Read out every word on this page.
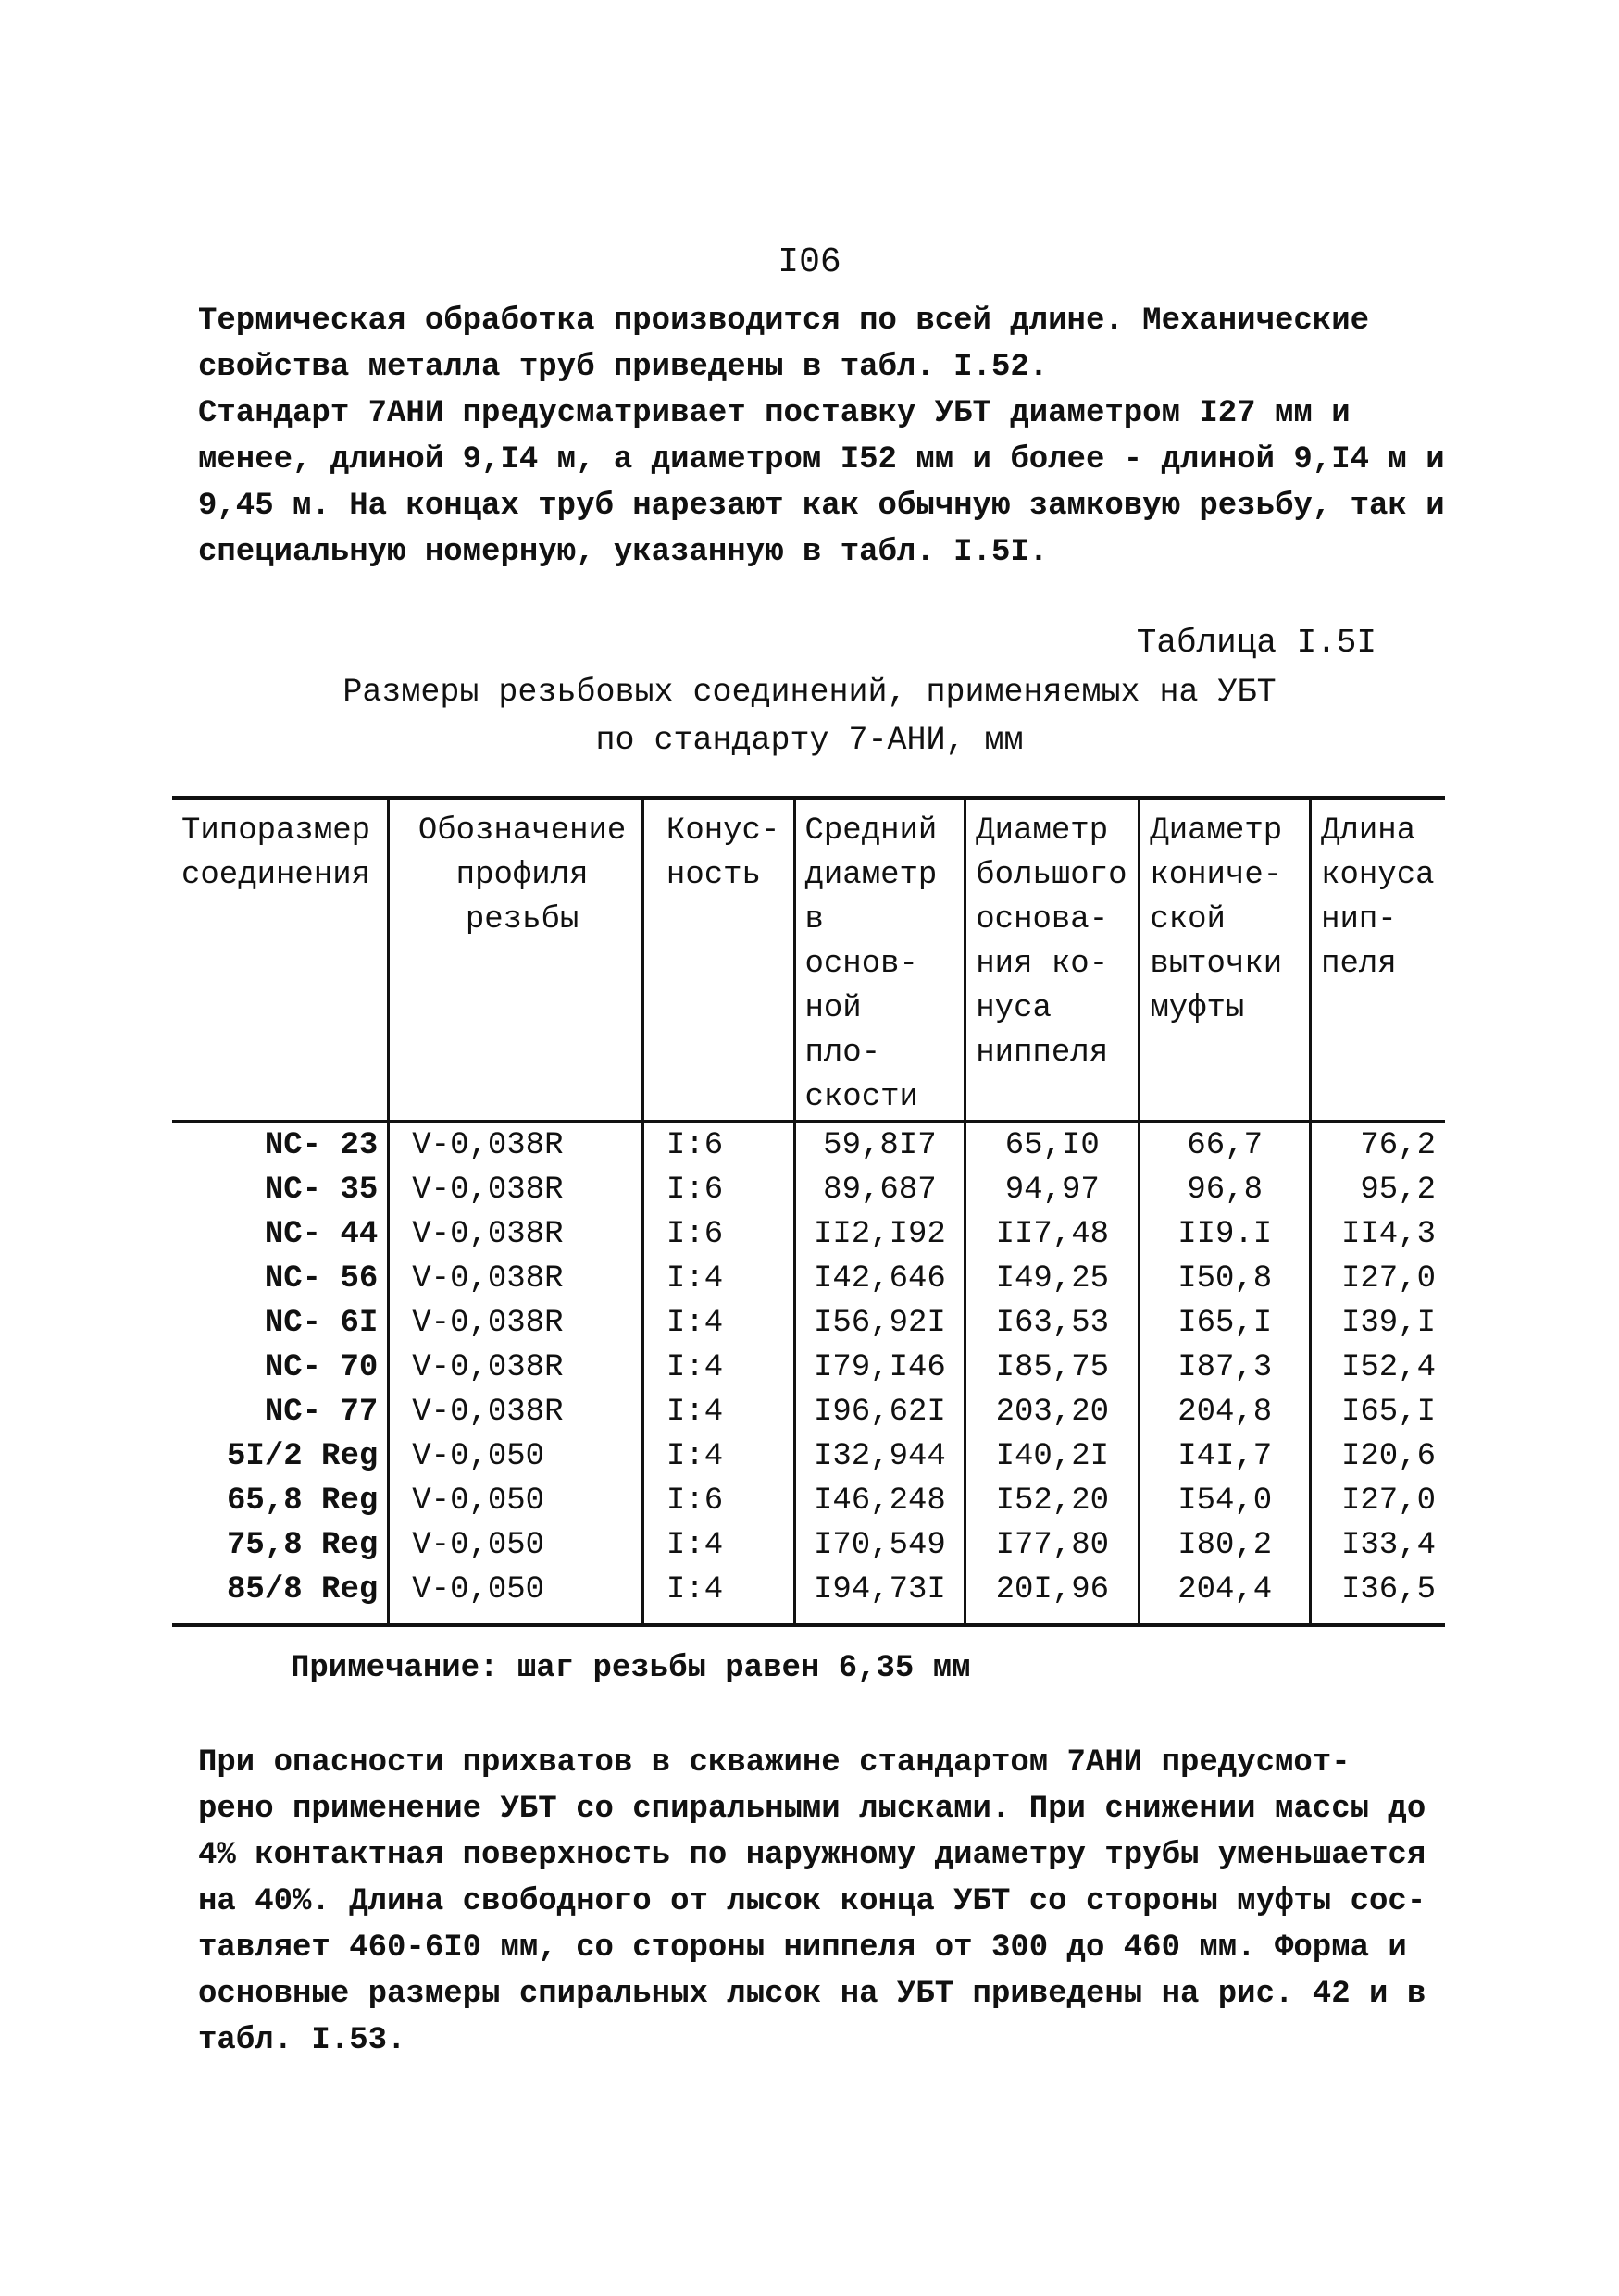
I06
Термическая обработка производится по всей длине. Механические
свойства металла труб приведены в табл. I.52.
Стандарт 7АНИ предусматривает поставку УБТ диаметром I27 мм и
менее, длиной 9,I4 м, а диаметром I52 мм и более - длиной 9,I4 м и
9,45 м. На концах труб нарезают как обычную замковую резьбу, так и
специальную номерную, указанную в табл. I.5I.
Таблица I.5I
Размеры резьбовых соединений, применяемых на УБТ
по стандарту 7-АНИ, мм
Типоразмер соединения	Обозначение профиля резьбы	Конус-ность	Средний диаметр в основ-ной пло-скости	Диаметр большого основа-ния ко-нуса ниппеля	Диаметр коничe-ской выточки муфты	Длина конуса нип-пеля
NC- 23	V-0,038R	I:6	59,8I7	65,I0	66,7	76,2
NC- 35	V-0,038R	I:6	89,687	94,97	96,8	95,2
NC- 44	V-0,038R	I:6	II2,I92	II7,48	II9.I	II4,3
NC- 56	V-0,038R	I:4	I42,646	I49,25	I50,8	I27,0
NC- 6I	V-0,038R	I:4	I56,92I	I63,53	I65,I	I39,I
NC- 70	V-0,038R	I:4	I79,I46	I85,75	I87,3	I52,4
NC- 77	V-0,038R	I:4	I96,62I	203,20	204,8	I65,I
5I/2 Reg	V-0,050	I:4	I32,944	I40,2I	I4I,7	I20,6
65,8 Reg	V-0,050	I:6	I46,248	I52,20	I54,0	I27,0
75,8 Reg	V-0,050	I:4	I70,549	I77,80	I80,2	I33,4
85/8 Reg	V-0,050	I:4	I94,73I	20I,96	204,4	I36,5
Примечание: шаг резьбы равен 6,35 мм
При опасности прихватов в скважине стандартом 7АНИ предусмот-
рено применение УБТ со спиральными лысками. При снижении массы до
4% контактная поверхность по наружному диаметру трубы уменьшается
на 40%. Длина свободного от лысок конца УБТ со стороны муфты сос-
тавляет 460-6I0 мм, со стороны ниппеля от 300 до 460 мм. Форма и
основные размеры спиральных лысок на УБТ приведены на рис. 42 и в
табл. I.53.
